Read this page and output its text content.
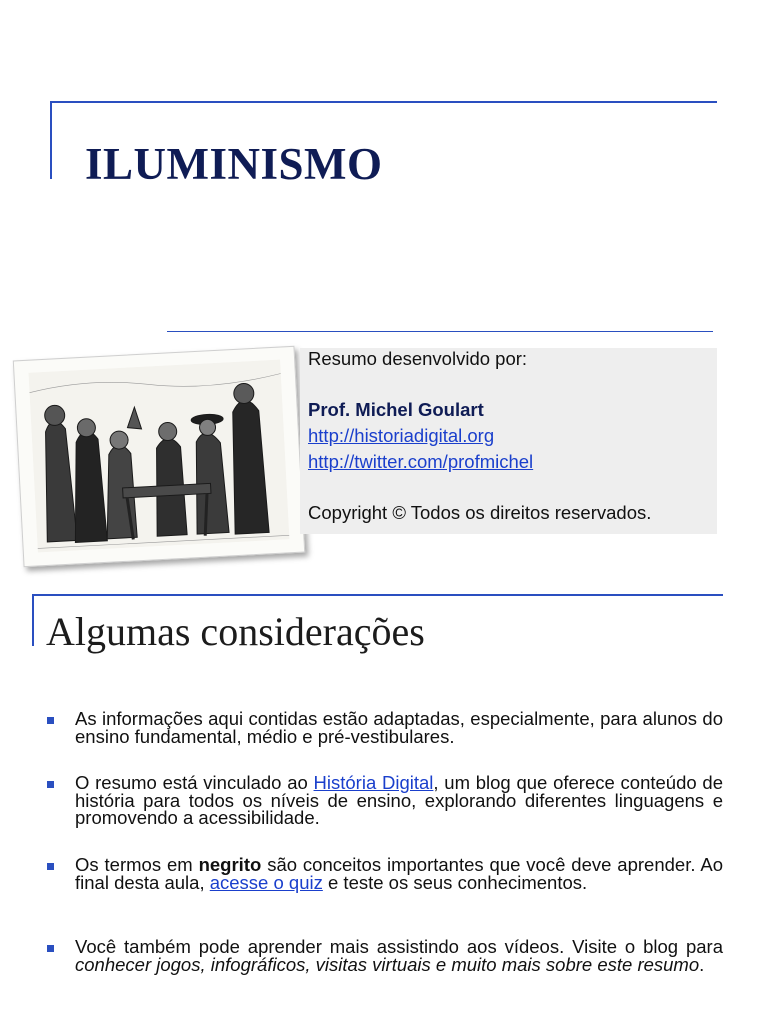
ILUMINISMO
Resumo desenvolvido por:
Prof. Michel Goulart
http://historiadigital.org
http://twitter.com/profmichel
Copyright © Todos os direitos reservados.
Algumas considerações
As informações aqui contidas estão adaptadas, especialmente, para alunos do ensino fundamental, médio e pré-vestibulares.
O resumo está vinculado ao História Digital, um blog que oferece conteúdo de história para todos os níveis de ensino, explorando diferentes linguagens e promovendo a acessibilidade.
Os termos em negrito são conceitos importantes que você deve aprender. Ao final desta aula, acesse o quiz e teste os seus conhecimentos.
Você também pode aprender mais assistindo aos vídeos. Visite o blog para conhecer jogos, infográficos, visitas virtuais e muito mais sobre este resumo.
